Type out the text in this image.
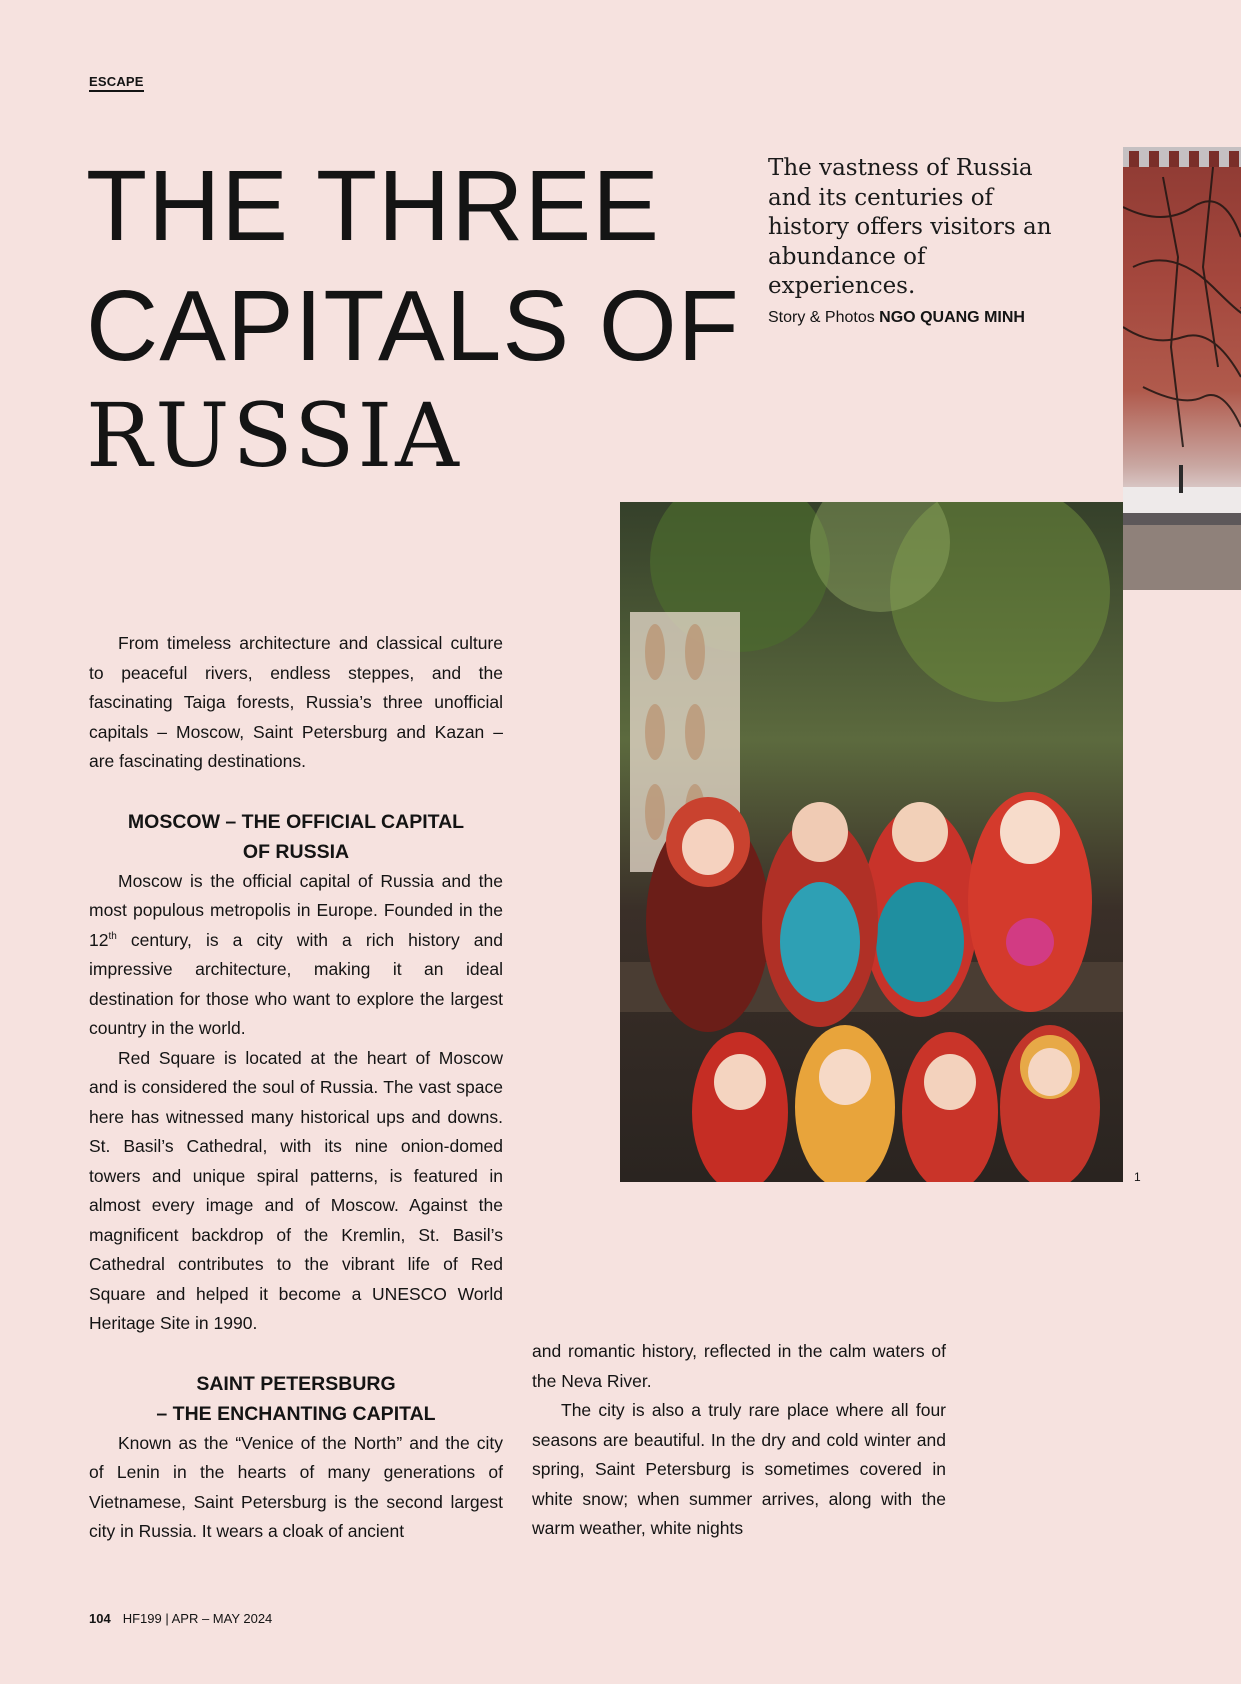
ESCAPE
THE THREE
CAPITALS OF
RUSSIA
The vastness of Russia and its centuries of history offers visitors an abundance of experiences.
Story & Photos NGO QUANG MINH
1

From timeless architecture and classical culture to peaceful rivers, endless steppes, and the fascinating Taiga forests, Russia’s three unofficial capitals – Moscow, Saint Petersburg and Kazan – are fascinating destinations.

MOSCOW – THE OFFICIAL CAPITAL

OF RUSSIA

Moscow is the official capital of Russia and the most populous metropolis in Europe. Founded in the 12th century, is a city with a rich history and impressive architecture, making it an ideal destination for those who want to explore the largest country in the world.

Red Square is located at the heart of Moscow and is considered the soul of Russia. The vast space here has witnessed many historical ups and downs. St. Basil’s Cathedral, with its nine onion-domed towers and unique spiral patterns, is featured in almost every image and of Moscow. Against the magnificent backdrop of the Kremlin, St. Basil’s Cathedral contributes to the vibrant life of Red Square and helped it become a UNESCO World Heritage Site in 1990.

SAINT PETERSBURG

– THE ENCHANTING CAPITAL

Known as the “Venice of the North” and the city of Lenin in the hearts of many generations of Vietnamese, Saint Petersburg is the second largest city in Russia. It wears a cloak of ancient

and romantic history, reflected in the calm waters of the Neva River.

The city is also a truly rare place where all four seasons are beautiful. In the dry and cold winter and spring, Saint Petersburg is sometimes covered in white snow; when summer arrives, along with the warm weather, white nights

104 HF199 | APR – MAY 2024
